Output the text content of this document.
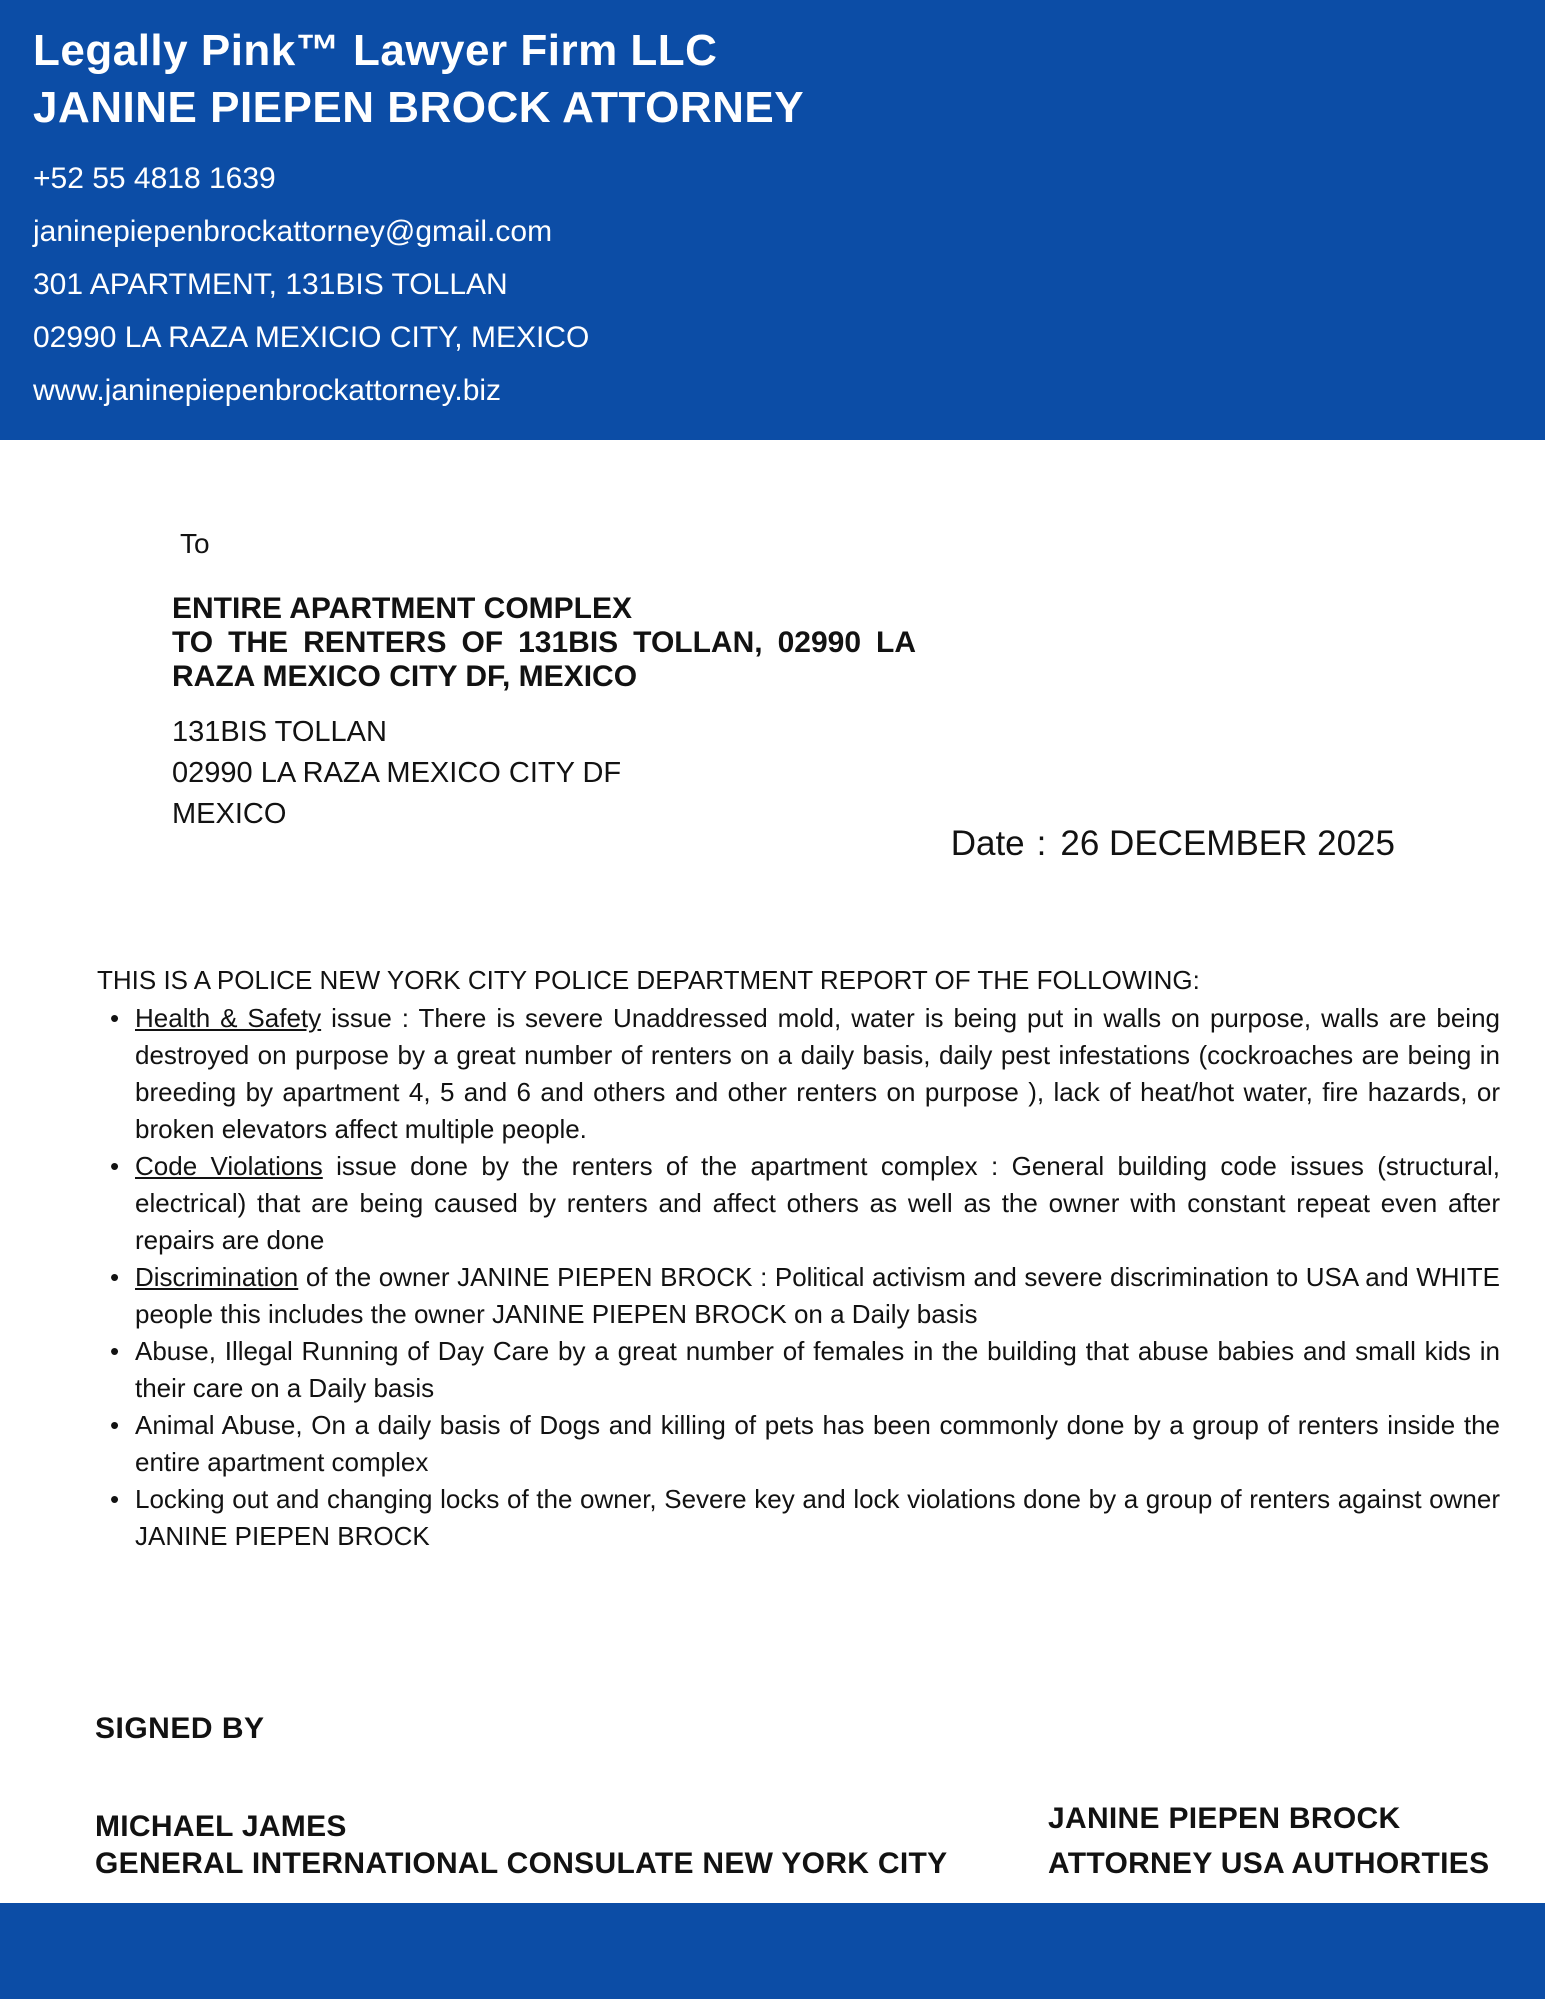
Legally Pink™ Lawyer Firm LLC
JANINE PIEPEN BROCK ATTORNEY
+52 55 4818 1639
janinepiepenbrockattorney@gmail.com
301 APARTMENT, 131BIS TOLLAN
02990 LA RAZA MEXICIO CITY, MEXICO
www.janinepiepenbrockattorney.biz
To
ENTIRE APARTMENT COMPLEX
TO THE RENTERS OF 131BIS TOLLAN, 02990 LA
RAZA MEXICO CITY DF, MEXICO
131BIS TOLLAN
02990 LA RAZA MEXICO CITY DF
MEXICO
Date : 26 DECEMBER 2025

THIS IS A POLICE NEW YORK CITY POLICE DEPARTMENT REPORT OF THE FOLLOWING:

• Health & Safety issue : There is severe Unaddressed mold, water is being put in walls on purpose, walls are being destroyed on purpose by a great number of renters on a daily basis, daily pest infestations (cockroaches are being in breeding by apartment 4, 5 and 6 and others and other renters on purpose ), lack of heat/hot water, fire hazards, or broken elevators affect multiple people.
• Code Violations issue done by the renters of the apartment complex : General building code issues (structural, electrical) that are being caused by renters and affect others as well as the owner with constant repeat even after repairs are done
• Discrimination of the owner JANINE PIEPEN BROCK : Political activism and severe discrimination to USA and WHITE people this includes the owner JANINE PIEPEN BROCK on a Daily basis
• Abuse, Illegal Running of Day Care by a great number of females in the building that abuse babies and small kids in their care on a Daily basis
• Animal Abuse, On a daily basis of Dogs and killing of pets has been commonly done by a group of renters inside the entire apartment complex
• Locking out and changing locks of the owner, Severe key and lock violations done by a group of renters against owner JANINE PIEPEN BROCK
SIGNED BY
MICHAEL JAMES
GENERAL INTERNATIONAL CONSULATE NEW YORK CITY
JANINE PIEPEN BROCK
ATTORNEY USA AUTHORTIES
